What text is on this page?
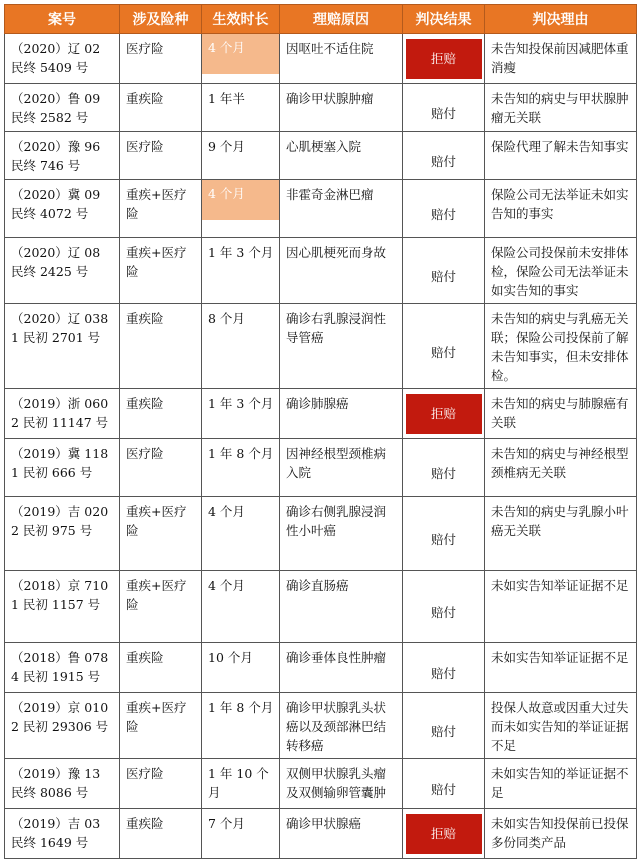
案号	涉及险种	生效时长	理赔原因	判决结果	判决理由
（2020）辽 02 民终 5409 号	医疗险	4 个月	因呕吐不适住院	拒赔	未告知投保前因减肥体重消瘦
（2020）鲁 09 民终 2582 号	重疾险	1 年半	确诊甲状腺肿瘤	赔付	未告知的病史与甲状腺肿瘤无关联
（2020）豫 96 民终 746 号	医疗险	9 个月	心肌梗塞入院	赔付	保险代理了解未告知事实
（2020）冀 09 民终 4072 号	重疾+医疗险	4 个月	非霍奇金淋巴瘤	赔付	保险公司无法举证未如实告知的事实
（2020）辽 08 民终 2425 号	重疾+医疗险	1 年 3 个月	因心肌梗死而身故	赔付	保险公司投保前未安排体检，保险公司无法举证未如实告知的事实
（2020）辽 0381 民初 2701 号	重疾险	8 个月	确诊右乳腺浸润性导管癌	赔付	未告知的病史与乳癌无关联；保险公司投保前了解未告知事实，但未安排体检。
（2019）浙 0602 民初 11147 号	重疾险	1 年 3 个月	确诊肺腺癌	拒赔	未告知的病史与肺腺癌有关联
（2019）冀 1181 民初 666 号	医疗险	1 年 8 个月	因神经根型颈椎病入院	赔付	未告知的病史与神经根型颈椎病无关联
（2019）吉 0202 民初 975 号	重疾+医疗险	4 个月	确诊右侧乳腺浸润性小叶癌	赔付	未告知的病史与乳腺小叶癌无关联
（2018）京 7101 民初 1157 号	重疾+医疗险	4 个月	确诊直肠癌	赔付	未如实告知举证证据不足
（2018）鲁 0784 民初 1915 号	重疾险	10 个月	确诊垂体良性肿瘤	赔付	未如实告知举证证据不足
（2019）京 0102 民初 29306 号	重疾+医疗险	1 年 8 个月	确诊甲状腺乳头状癌以及颈部淋巴结转移癌	赔付	投保人故意或因重大过失而未如实告知的举证证据不足
（2019）豫 13 民终 8086 号	医疗险	1 年 10 个月	双侧甲状腺乳头瘤及双侧输卵管囊肿	赔付	未如实告知的举证证据不足
（2019）吉 03 民终 1649 号	重疾险	7 个月	确诊甲状腺癌	拒赔	未如实告知投保前已投保多份同类产品
